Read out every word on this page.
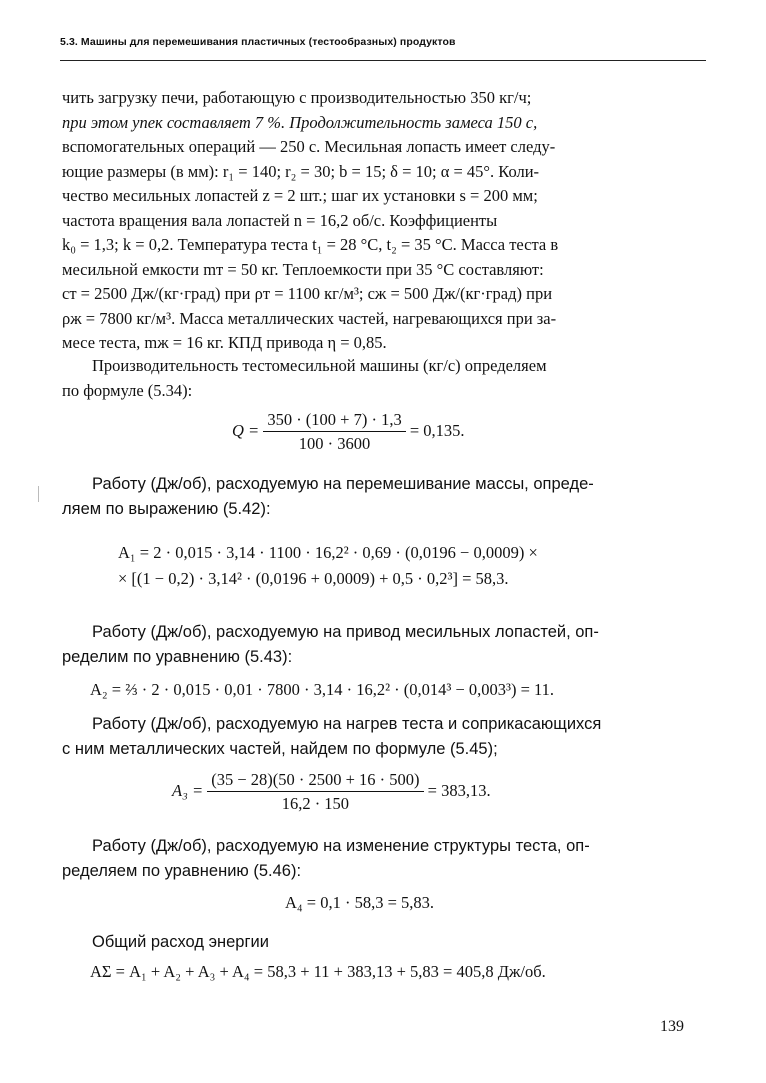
5.3. Машины для перемешивания пластичных (тестообразных) продуктов
чить загрузку печи, работающую с производительностью 350 кг/ч;
при этом упек составляет 7 %. Продолжительность замеса 150 с,
вспомогательных операций — 250 с. Месильная лопасть имеет следу-
ющие размеры (в мм): r₁ = 140; r₂ = 30; b = 15; δ = 10; α = 45°. Коли-
чество месильных лопастей z = 2 шт.; шаг их установки s = 200 мм;
частота вращения вала лопастей n = 16,2 об/с. Коэффициенты
k₀ = 1,3; k = 0,2. Температура теста t₁ = 28 °C, t₂ = 35 °C. Масса теста в
месильной емкости mт = 50 кг. Теплоемкости при 35 °C составляют:
cт = 2500 Дж/(кг·град) при ρт = 1100 кг/м³; cж = 500 Дж/(кг·град) при
ρж = 7800 кг/м³. Масса металлических частей, нагревающихся при за-
месе теста, mж = 16 кг. КПД привода η = 0,85.
Производительность тестомесильной машины (кг/с) определяем
по формуле (5.34):
$Q = \frac{350 \cdot (100 + 7) \cdot 1,3}{100 \cdot 3600} = 0,135$.
Работу (Дж/об), расходуемую на перемешивание массы, опреде-
ляем по выражению (5.42):
A₁ = 2 · 0,015 · 3,14 · 1100 · 16,2² · 0,69 · (0,0196 − 0,0009) ×
× [(1 − 0,2) · 3,14² · (0,0196 + 0,0009) + 0,5 · 0,2³] = 58,3.
Работу (Дж/об), расходуемую на привод месильных лопастей, оп-
ределим по уравнению (5.43):
A₂ = ⅔ · 2 · 0,015 · 0,01 · 7800 · 3,14 · 16,2² · (0,014³ − 0,003³) = 11.
Работу (Дж/об), расходуемую на нагрев теста и соприкасающихся
с ним металлических частей, найдем по формуле (5.45);
$A_3 = \frac{(35 - 28)(50 \cdot 2500 + 16 \cdot 500)}{16,2 \cdot 150} = 383,13$.
Работу (Дж/об), расходуемую на изменение структуры теста, оп-
ределяем по уравнению (5.46):
A₄ = 0,1 · 58,3 = 5,83.
Общий расход энергии
AΣ = A₁ + A₂ + A₃ + A₄ = 58,3 + 11 + 383,13 + 5,83 = 405,8 Дж/об.
139
